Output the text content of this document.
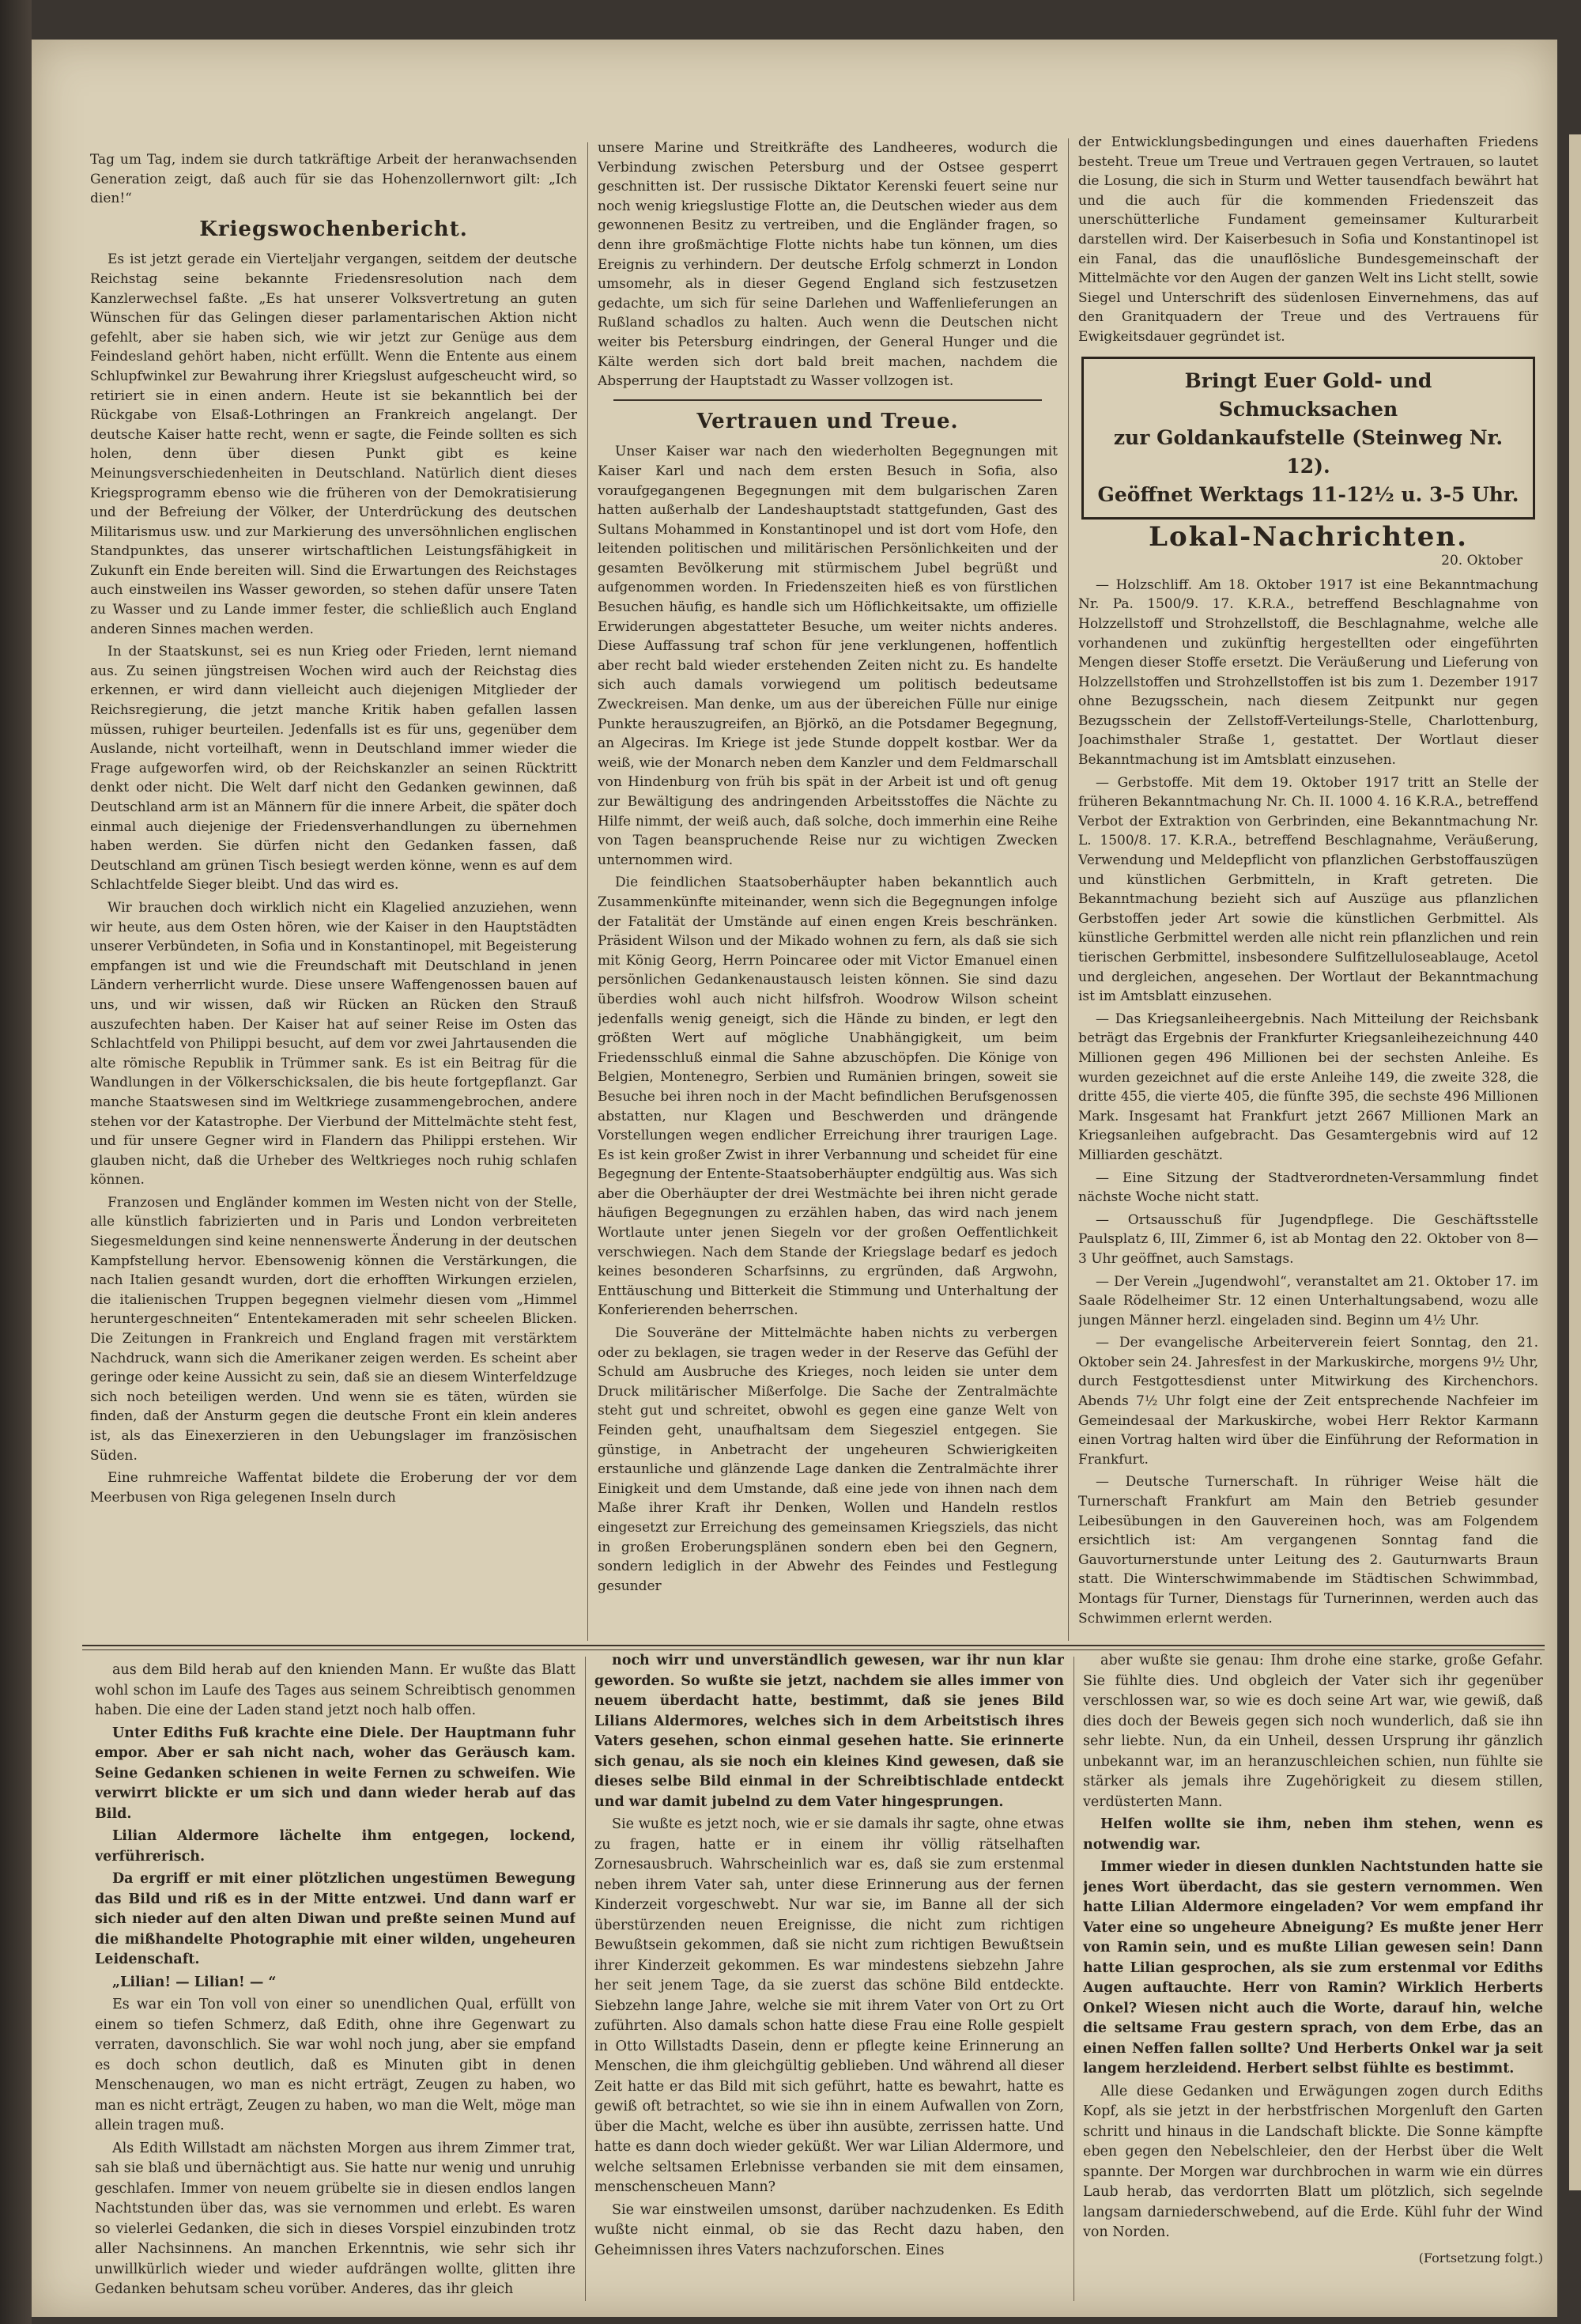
Tag um Tag, indem sie durch tatkräftige Arbeit der heranwachsenden Generation zeigt, daß auch für sie das Hohenzollernwort gilt: „Ich dien!“

Kriegswochenbericht.

Es ist jetzt gerade ein Vierteljahr vergangen, seitdem der deutsche Reichstag seine bekannte Friedensresolution nach dem Kanzlerwechsel faßte. „Es hat unserer Volksvertretung an guten Wünschen für das Gelingen dieser parlamentarischen Aktion nicht gefehlt, aber sie haben sich, wie wir jetzt zur Genüge aus dem Feindesland gehört haben, nicht erfüllt. Wenn die Entente aus einem Schlupfwinkel zur Bewahrung ihrer Kriegslust aufgescheucht wird, so retiriert sie in einen andern. Heute ist sie bekanntlich bei der Rückgabe von Elsaß-Lothringen an Frankreich angelangt. Der deutsche Kaiser hatte recht, wenn er sagte, die Feinde sollten es sich holen, denn über diesen Punkt gibt es keine Meinungsverschiedenheiten in Deutschland. Natürlich dient dieses Kriegsprogramm ebenso wie die früheren von der Demokratisierung und der Befreiung der Völker, der Unterdrückung des deutschen Militarismus usw. und zur Markierung des unversöhnlichen englischen Standpunktes, das unserer wirtschaftlichen Leistungsfähigkeit in Zukunft ein Ende bereiten will. Sind die Erwartungen des Reichstages auch einstweilen ins Wasser geworden, so stehen dafür unsere Taten zu Wasser und zu Lande immer fester, die schließlich auch England anderen Sinnes machen werden.

In der Staatskunst, sei es nun Krieg oder Frieden, lernt niemand aus. Zu seinen jüngstreisen Wochen wird auch der Reichstag dies erkennen, er wird dann vielleicht auch diejenigen Mitglieder der Reichsregierung, die jetzt manche Kritik haben gefallen lassen müssen, ruhiger beurteilen. Jedenfalls ist es für uns, gegenüber dem Auslande, nicht vorteilhaft, wenn in Deutschland immer wieder die Frage aufgeworfen wird, ob der Reichskanzler an seinen Rücktritt denkt oder nicht. Die Welt darf nicht den Gedanken gewinnen, daß Deutschland arm ist an Männern für die innere Arbeit, die später doch einmal auch diejenige der Friedensverhandlungen zu übernehmen haben werden. Sie dürfen nicht den Gedanken fassen, daß Deutschland am grünen Tisch besiegt werden könne, wenn es auf dem Schlachtfelde Sieger bleibt. Und das wird es.

Wir brauchen doch wirklich nicht ein Klagelied anzuziehen, wenn wir heute, aus dem Osten hören, wie der Kaiser in den Hauptstädten unserer Verbündeten, in Sofia und in Konstantinopel, mit Begeisterung empfangen ist und wie die Freundschaft mit Deutschland in jenen Ländern verherrlicht wurde. Diese unsere Waffengenossen bauen auf uns, und wir wissen, daß wir Rücken an Rücken den Strauß auszufechten haben. Der Kaiser hat auf seiner Reise im Osten das Schlachtfeld von Philippi besucht, auf dem vor zwei Jahrtausenden die alte römische Republik in Trümmer sank. Es ist ein Beitrag für die Wandlungen in der Völkerschicksalen, die bis heute fortgepflanzt. Gar manche Staatswesen sind im Weltkriege zusammengebrochen, andere stehen vor der Katastrophe. Der Vierbund der Mittelmächte steht fest, und für unsere Gegner wird in Flandern das Philippi erstehen. Wir glauben nicht, daß die Urheber des Weltkrieges noch ruhig schlafen können.

Franzosen und Engländer kommen im Westen nicht von der Stelle, alle künstlich fabrizierten und in Paris und London verbreiteten Siegesmeldungen sind keine nennenswerte Änderung in der deutschen Kampfstellung hervor. Ebensowenig können die Verstärkungen, die nach Italien gesandt wurden, dort die erhofften Wirkungen erzielen, die italienischen Truppen begegnen vielmehr diesen vom „Himmel heruntergeschneiten“ Ententekameraden mit sehr scheelen Blicken. Die Zeitungen in Frankreich und England fragen mit verstärktem Nachdruck, wann sich die Amerikaner zeigen werden. Es scheint aber geringe oder keine Aussicht zu sein, daß sie an diesem Winterfeldzuge sich noch beteiligen werden. Und wenn sie es täten, würden sie finden, daß der Ansturm gegen die deutsche Front ein klein anderes ist, als das Einexerzieren in den Uebungslager im französischen Süden.

Eine ruhmreiche Waffentat bildete die Eroberung der vor dem Meerbusen von Riga gelegenen Inseln durch

unsere Marine und Streitkräfte des Landheeres, wodurch die Verbindung zwischen Petersburg und der Ostsee gesperrt geschnitten ist. Der russische Diktator Kerenski feuert seine nur noch wenig kriegslustige Flotte an, die Deutschen wieder aus dem gewonnenen Besitz zu vertreiben, und die Engländer fragen, so denn ihre großmächtige Flotte nichts habe tun können, um dies Ereignis zu verhindern. Der deutsche Erfolg schmerzt in London umsomehr, als in dieser Gegend England sich festzusetzen gedachte, um sich für seine Darlehen und Waffenlieferungen an Rußland schadlos zu halten. Auch wenn die Deutschen nicht weiter bis Petersburg eindringen, der General Hunger und die Kälte werden sich dort bald breit machen, nachdem die Absperrung der Hauptstadt zu Wasser vollzogen ist.

Vertrauen und Treue.

Unser Kaiser war nach den wiederholten Begegnungen mit Kaiser Karl und nach dem ersten Besuch in Sofia, also voraufgegangenen Begegnungen mit dem bulgarischen Zaren hatten außerhalb der Landeshauptstadt stattgefunden, Gast des Sultans Mohammed in Konstantinopel und ist dort vom Hofe, den leitenden politischen und militärischen Persönlichkeiten und der gesamten Bevölkerung mit stürmischem Jubel begrüßt und aufgenommen worden. In Friedenszeiten hieß es von fürstlichen Besuchen häufig, es handle sich um Höflichkeitsakte, um offizielle Erwiderungen abgestatteter Besuche, um weiter nichts anderes. Diese Auffassung traf schon für jene verklungenen, hoffentlich aber recht bald wieder erstehenden Zeiten nicht zu. Es handelte sich auch damals vorwiegend um politisch bedeutsame Zweckreisen. Man denke, um aus der übereichen Fülle nur einige Punkte herauszugreifen, an Björkö, an die Potsdamer Begegnung, an Algeciras. Im Kriege ist jede Stunde doppelt kostbar. Wer da weiß, wie der Monarch neben dem Kanzler und dem Feldmarschall von Hindenburg von früh bis spät in der Arbeit ist und oft genug zur Bewältigung des andringenden Arbeitsstoffes die Nächte zu Hilfe nimmt, der weiß auch, daß solche, doch immerhin eine Reihe von Tagen beanspruchende Reise nur zu wichtigen Zwecken unternommen wird.

Die feindlichen Staatsoberhäupter haben bekanntlich auch Zusammenkünfte miteinander, wenn sich die Begegnungen infolge der Fatalität der Umstände auf einen engen Kreis beschränken. Präsident Wilson und der Mikado wohnen zu fern, als daß sie sich mit König Georg, Herrn Poincaree oder mit Victor Emanuel einen persönlichen Gedankenaustausch leisten können. Sie sind dazu überdies wohl auch nicht hilfsfroh. Woodrow Wilson scheint jedenfalls wenig geneigt, sich die Hände zu binden, er legt den größten Wert auf mögliche Unabhängigkeit, um beim Friedensschluß einmal die Sahne abzuschöpfen. Die Könige von Belgien, Montenegro, Serbien und Rumänien bringen, soweit sie Besuche bei ihren noch in der Macht befindlichen Berufsgenossen abstatten, nur Klagen und Beschwerden und drängende Vorstellungen wegen endlicher Erreichung ihrer traurigen Lage. Es ist kein großer Zwist in ihrer Verbannung und scheidet für eine Begegnung der Entente-Staatsoberhäupter endgültig aus. Was sich aber die Oberhäupter der drei Westmächte bei ihren nicht gerade häufigen Begegnungen zu erzählen haben, das wird nach jenem Wortlaute unter jenen Siegeln vor der großen Oeffentlichkeit verschwiegen. Nach dem Stande der Kriegslage bedarf es jedoch keines besonderen Scharfsinns, zu ergründen, daß Argwohn, Enttäuschung und Bitterkeit die Stimmung und Unterhaltung der Konferierenden beherrschen.

Die Souveräne der Mittelmächte haben nichts zu verbergen oder zu beklagen, sie tragen weder in der Reserve das Gefühl der Schuld am Ausbruche des Krieges, noch leiden sie unter dem Druck militärischer Mißerfolge. Die Sache der Zentralmächte steht gut und schreitet, obwohl es gegen eine ganze Welt von Feinden geht, unaufhaltsam dem Siegesziel entgegen. Sie günstige, in Anbetracht der ungeheuren Schwierigkeiten erstaunliche und glänzende Lage danken die Zentralmächte ihrer Einigkeit und dem Umstande, daß eine jede von ihnen nach dem Maße ihrer Kraft ihr Denken, Wollen und Handeln restlos eingesetzt zur Erreichung des gemeinsamen Kriegsziels, das nicht in großen Eroberungsplänen sondern eben bei den Gegnern, sondern lediglich in der Abwehr des Feindes und Festlegung gesunder

der Entwicklungsbedingungen und eines dauerhaften Friedens besteht. Treue um Treue und Vertrauen gegen Vertrauen, so lautet die Losung, die sich in Sturm und Wetter tausendfach bewährt hat und die auch für die kommenden Friedenszeit das unerschütterliche Fundament gemeinsamer Kulturarbeit darstellen wird. Der Kaiserbesuch in Sofia und Konstantinopel ist ein Fanal, das die unauflösliche Bundesgemeinschaft der Mittelmächte vor den Augen der ganzen Welt ins Licht stellt, sowie Siegel und Unterschrift des südenlosen Einvernehmens, das auf den Granitquadern der Treue und des Vertrauens für Ewigkeitsdauer gegründet ist.

Bringt Euer Gold- und Schmucksachen
zur Goldankaufstelle (Steinweg Nr. 12).
Geöffnet Werktags 11-12½ u. 3-5 Uhr.
Lokal-Nachrichten.
20. Oktober

— Holzschliff. Am 18. Oktober 1917 ist eine Bekanntmachung Nr. Pa. 1500/9. 17. K.R.A., betreffend Beschlagnahme von Holzzellstoff und Strohzellstoff, die Beschlagnahme, welche alle vorhandenen und zukünftig hergestellten oder eingeführten Mengen dieser Stoffe ersetzt. Die Veräußerung und Lieferung von Holzzellstoffen und Strohzellstoffen ist bis zum 1. Dezember 1917 ohne Bezugsschein, nach diesem Zeitpunkt nur gegen Bezugsschein der Zellstoff-Verteilungs-Stelle, Charlottenburg, Joachimsthaler Straße 1, gestattet. Der Wortlaut dieser Bekanntmachung ist im Amtsblatt einzusehen.

— Gerbstoffe. Mit dem 19. Oktober 1917 tritt an Stelle der früheren Bekanntmachung Nr. Ch. II. 1000 4. 16 K.R.A., betreffend Verbot der Extraktion von Gerbrinden, eine Bekanntmachung Nr. L. 1500/8. 17. K.R.A., betreffend Beschlagnahme, Veräußerung, Verwendung und Meldepflicht von pflanzlichen Gerbstoffauszügen und künstlichen Gerbmitteln, in Kraft getreten. Die Bekanntmachung bezieht sich auf Auszüge aus pflanzlichen Gerbstoffen jeder Art sowie die künstlichen Gerbmittel. Als künstliche Gerbmittel werden alle nicht rein pflanzlichen und rein tierischen Gerbmittel, insbesondere Sulfitzelluloseablauge, Acetol und dergleichen, angesehen. Der Wortlaut der Bekanntmachung ist im Amtsblatt einzusehen.

— Das Kriegsanleiheergebnis. Nach Mitteilung der Reichsbank beträgt das Ergebnis der Frankfurter Kriegsanleihezeichnung 440 Millionen gegen 496 Millionen bei der sechsten Anleihe. Es wurden gezeichnet auf die erste Anleihe 149, die zweite 328, die dritte 455, die vierte 405, die fünfte 395, die sechste 496 Millionen Mark. Insgesamt hat Frankfurt jetzt 2667 Millionen Mark an Kriegsanleihen aufgebracht. Das Gesamtergebnis wird auf 12 Milliarden geschätzt.

— Eine Sitzung der Stadtverordneten-Versammlung findet nächste Woche nicht statt.

— Ortsausschuß für Jugendpflege. Die Geschäftsstelle Paulsplatz 6, III, Zimmer 6, ist ab Montag den 22. Oktober von 8—3 Uhr geöffnet, auch Samstags.

— Der Verein „Jugendwohl“, veranstaltet am 21. Oktober 17. im Saale Rödelheimer Str. 12 einen Unterhaltungsabend, wozu alle jungen Männer herzl. eingeladen sind. Beginn um 4½ Uhr.

— Der evangelische Arbeiterverein feiert Sonntag, den 21. Oktober sein 24. Jahresfest in der Markuskirche, morgens 9½ Uhr, durch Festgottesdienst unter Mitwirkung des Kirchenchors. Abends 7½ Uhr folgt eine der Zeit entsprechende Nachfeier im Gemeindesaal der Markuskirche, wobei Herr Rektor Karmann einen Vortrag halten wird über die Einführung der Reformation in Frankfurt.

— Deutsche Turnerschaft. In rühriger Weise hält die Turnerschaft Frankfurt am Main den Betrieb gesunder Leibesübungen in den Gauvereinen hoch, was am Folgendem ersichtlich ist: Am vergangenen Sonntag fand die Gauvorturnerstunde unter Leitung des 2. Gauturnwarts Braun statt. Die Winterschwimmabende im Städtischen Schwimmbad, Montags für Turner, Dienstags für Turnerinnen, werden auch das Schwimmen erlernt werden.

aus dem Bild herab auf den knienden Mann. Er wußte das Blatt wohl schon im Laufe des Tages aus seinem Schreibtisch genommen haben. Die eine der Laden stand jetzt noch halb offen.

Unter Ediths Fuß krachte eine Diele. Der Hauptmann fuhr empor. Aber er sah nicht nach, woher das Geräusch kam. Seine Gedanken schienen in weite Fernen zu schweifen. Wie verwirrt blickte er um sich und dann wieder herab auf das Bild.

Lilian Aldermore lächelte ihm entgegen, lockend, verführerisch.

Da ergriff er mit einer plötzlichen ungestümen Bewegung das Bild und riß es in der Mitte entzwei. Und dann warf er sich nieder auf den alten Diwan und preßte seinen Mund auf die mißhandelte Photographie mit einer wilden, ungeheuren Leidenschaft.

„Lilian! — Lilian! — “

Es war ein Ton voll von einer so unendlichen Qual, erfüllt von einem so tiefen Schmerz, daß Edith, ohne ihre Gegenwart zu verraten, davonschlich. Sie war wohl noch jung, aber sie empfand es doch schon deutlich, daß es Minuten gibt in denen Menschenaugen, wo man es nicht erträgt, Zeugen zu haben, wo man es nicht erträgt, Zeugen zu haben, wo man die Welt, möge man allein tragen muß.

Als Edith Willstadt am nächsten Morgen aus ihrem Zimmer trat, sah sie blaß und übernächtigt aus. Sie hatte nur wenig und unruhig geschlafen. Immer von neuem grübelte sie in diesen endlos langen Nachtstunden über das, was sie vernommen und erlebt. Es waren so vielerlei Gedanken, die sich in dieses Vorspiel einzubinden trotz aller Nachsinnens. An manchen Erkenntnis, wie sehr sich ihr unwillkürlich wieder und wieder aufdrängen wollte, glitten ihre Gedanken behutsam scheu vorüber. Anderes, das ihr gleich

noch wirr und unverständlich gewesen, war ihr nun klar geworden. So wußte sie jetzt, nachdem sie alles immer von neuem überdacht hatte, bestimmt, daß sie jenes Bild Lilians Aldermores, welches sich in dem Arbeitstisch ihres Vaters gesehen, schon einmal gesehen hatte. Sie erinnerte sich genau, als sie noch ein kleines Kind gewesen, daß sie dieses selbe Bild einmal in der Schreibtischlade entdeckt und war damit jubelnd zu dem Vater hingesprungen.

Sie wußte es jetzt noch, wie er sie damals ihr sagte, ohne etwas zu fragen, hatte er in einem ihr völlig rätselhaften Zornesausbruch. Wahrscheinlich war es, daß sie zum erstenmal neben ihrem Vater sah, unter diese Erinnerung aus der fernen Kinderzeit vorgeschwebt. Nur war sie, im Banne all der sich überstürzenden neuen Ereignisse, die nicht zum richtigen Bewußtsein gekommen, daß sie nicht zum richtigen Bewußtsein ihrer Kinderzeit gekommen. Es war mindestens siebzehn Jahre her seit jenem Tage, da sie zuerst das schöne Bild entdeckte. Siebzehn lange Jahre, welche sie mit ihrem Vater von Ort zu Ort zuführten. Also damals schon hatte diese Frau eine Rolle gespielt in Otto Willstadts Dasein, denn er pflegte keine Erinnerung an Menschen, die ihm gleichgültig geblieben. Und während all dieser Zeit hatte er das Bild mit sich geführt, hatte es bewahrt, hatte es gewiß oft betrachtet, so wie sie ihn in einem Aufwallen von Zorn, über die Macht, welche es über ihn ausübte, zerrissen hatte. Und hatte es dann doch wieder geküßt. Wer war Lilian Aldermore, und welche seltsamen Erlebnisse verbanden sie mit dem einsamen, menschenscheuen Mann?

Sie war einstweilen umsonst, darüber nachzudenken. Es Edith wußte nicht einmal, ob sie das Recht dazu haben, den Geheimnissen ihres Vaters nachzuforschen. Eines

aber wußte sie genau: Ihm drohe eine starke, große Gefahr. Sie fühlte dies. Und obgleich der Vater sich ihr gegenüber verschlossen war, so wie es doch seine Art war, wie gewiß, daß dies doch der Beweis gegen sich noch wunderlich, daß sie ihn sehr liebte. Nun, da ein Unheil, dessen Ursprung ihr gänzlich unbekannt war, im an heranzuschleichen schien, nun fühlte sie stärker als jemals ihre Zugehörigkeit zu diesem stillen, verdüsterten Mann.

Helfen wollte sie ihm, neben ihm stehen, wenn es notwendig war.

Immer wieder in diesen dunklen Nachtstunden hatte sie jenes Wort überdacht, das sie gestern vernommen. Wen hatte Lilian Aldermore eingeladen? Vor wem empfand ihr Vater eine so ungeheure Abneigung? Es mußte jener Herr von Ramin sein, und es mußte Lilian gewesen sein! Dann hatte Lilian gesprochen, als sie zum erstenmal vor Ediths Augen auftauchte. Herr von Ramin? Wirklich Herberts Onkel? Wiesen nicht auch die Worte, darauf hin, welche die seltsame Frau gestern sprach, von dem Erbe, das an einen Neffen fallen sollte? Und Herberts Onkel war ja seit langem herzleidend. Herbert selbst fühlte es bestimmt.

Alle diese Gedanken und Erwägungen zogen durch Ediths Kopf, als sie jetzt in der herbstfrischen Morgenluft den Garten schritt und hinaus in die Landschaft blickte. Die Sonne kämpfte eben gegen den Nebelschleier, den der Herbst über die Welt spannte. Der Morgen war durchbrochen in warm wie ein dürres Laub herab, das verdorrten Blatt um plötzlich, sich segelnde langsam darniederschwebend, auf die Erde. Kühl fuhr der Wind von Norden.

(Fortsetzung folgt.)
